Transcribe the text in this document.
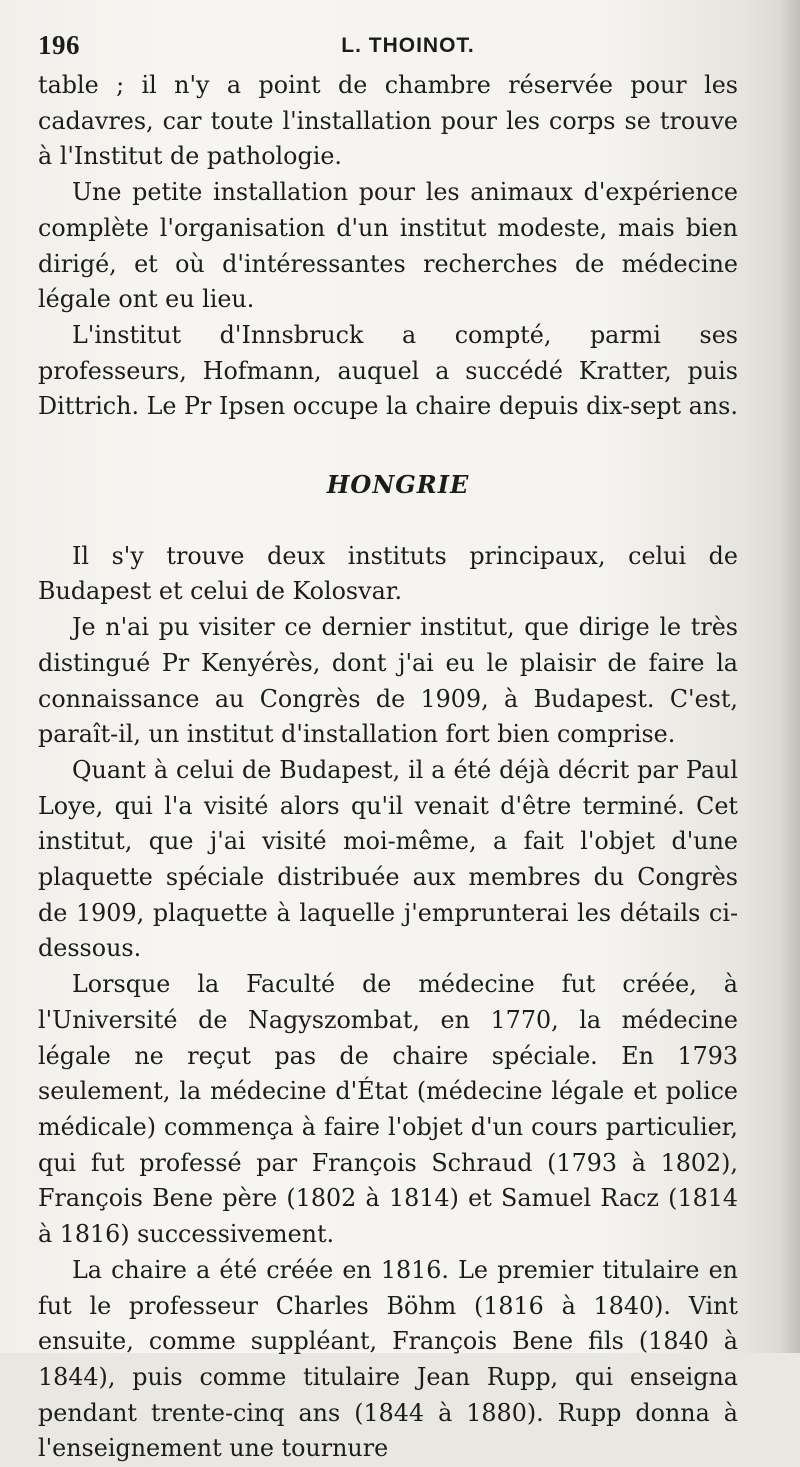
196	L. THOINOT.

table ; il n'y a point de chambre réservée pour les cadavres, car toute l'installation pour les corps se trouve à l'Institut de pathologie.

Une petite installation pour les animaux d'expérience complète l'organisation d'un institut modeste, mais bien dirigé, et où d'intéressantes recherches de médecine légale ont eu lieu.

L'institut d'Innsbruck a compté, parmi ses professeurs, Hofmann, auquel a succédé Kratter, puis Dittrich. Le Pr Ipsen occupe la chaire depuis dix-sept ans.

HONGRIE

Il s'y trouve deux instituts principaux, celui de Budapest et celui de Kolosvar.

Je n'ai pu visiter ce dernier institut, que dirige le très distingué Pr Kenyérès, dont j'ai eu le plaisir de faire la connaissance au Congrès de 1909, à Budapest. C'est, paraît-il, un institut d'installation fort bien comprise.

Quant à celui de Budapest, il a été déjà décrit par Paul Loye, qui l'a visité alors qu'il venait d'être terminé. Cet institut, que j'ai visité moi-même, a fait l'objet d'une plaquette spéciale distribuée aux membres du Congrès de 1909, plaquette à laquelle j'emprunterai les détails ci-dessous.

Lorsque la Faculté de médecine fut créée, à l'Université de Nagyszombat, en 1770, la médecine légale ne reçut pas de chaire spéciale. En 1793 seulement, la médecine d'État (médecine légale et police médicale) commença à faire l'objet d'un cours particulier, qui fut professé par François Schraud (1793 à 1802), François Bene père (1802 à 1814) et Samuel Racz (1814 à 1816) successivement.

La chaire a été créée en 1816. Le premier titulaire en fut le professeur Charles Böhm (1816 à 1840). Vint ensuite, comme suppléant, François Bene fils (1840 à 1844), puis comme titulaire Jean Rupp, qui enseigna pendant trente-cinq ans (1844 à 1880). Rupp donna à l'enseignement une tournure
